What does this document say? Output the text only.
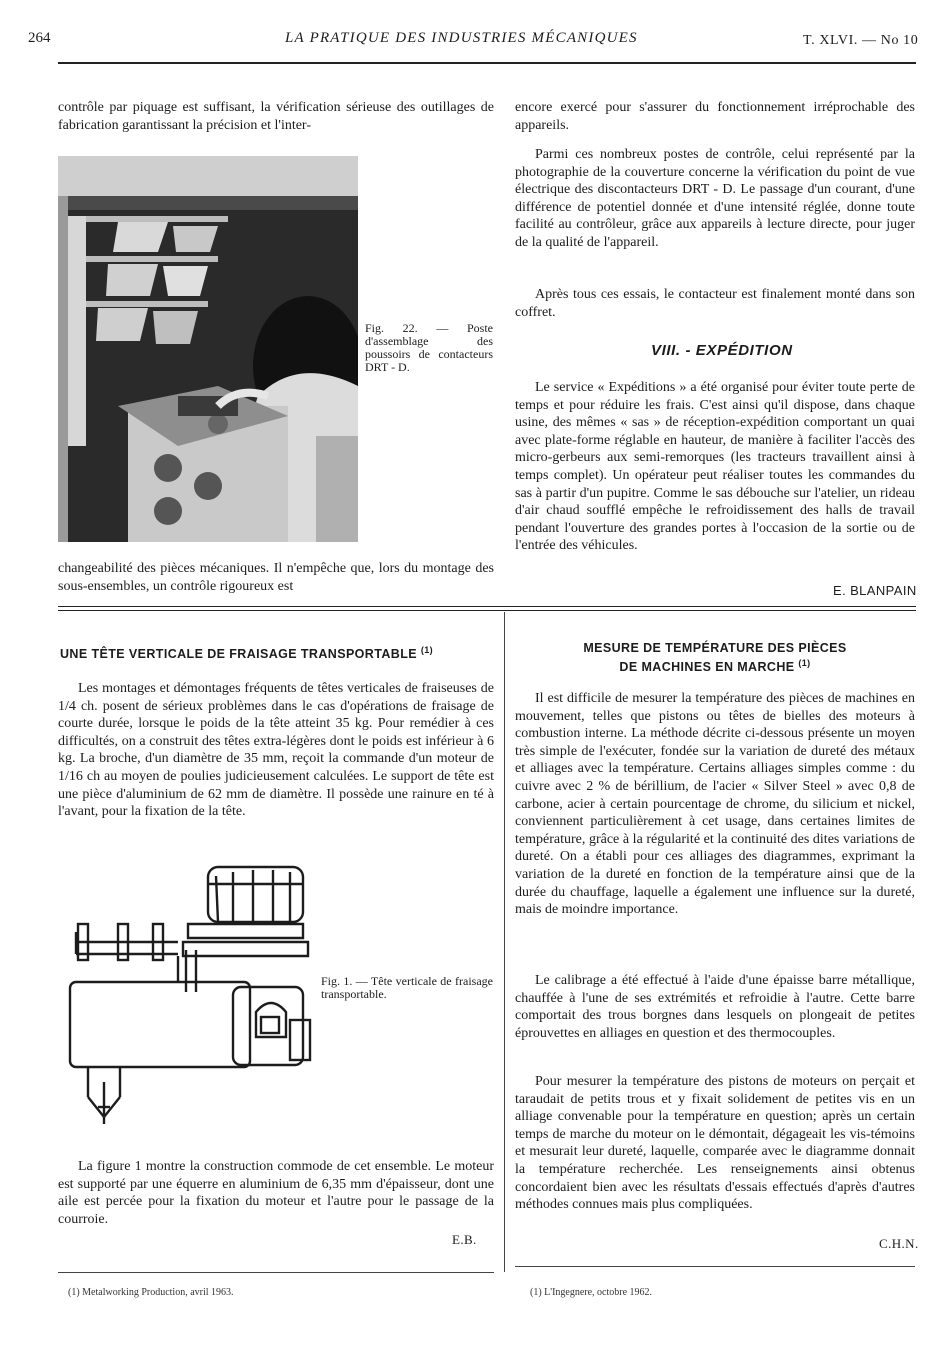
264	LA PRATIQUE DES INDUSTRIES MÉCANIQUES	T. XLVI. — No 10

contrôle par piquage est suffisant, la vérification sérieuse des outillages de fabrication garantissant la précision et l'inter-

Fig. 22. — Poste d'assemblage des poussoirs de contacteurs DRT - D.

changeabilité des pièces mécaniques. Il n'empêche que, lors du montage des sous-ensembles, un contrôle rigoureux est

encore exercé pour s'assurer du fonctionnement irréprochable des appareils.

Parmi ces nombreux postes de contrôle, celui représenté par la photographie de la couverture concerne la vérification du point de vue électrique des discontacteurs DRT - D. Le passage d'un courant, d'une différence de potentiel donnée et d'une intensité réglée, donne toute facilité au contrôleur, grâce aux appareils à lecture directe, pour juger de la qualité de l'appareil.

Après tous ces essais, le contacteur est finalement monté dans son coffret.

VIII. - EXPÉDITION

Le service « Expéditions » a été organisé pour éviter toute perte de temps et pour réduire les frais. C'est ainsi qu'il dispose, dans chaque usine, des mêmes « sas » de réception-expédition comportant un quai avec plate-forme réglable en hauteur, de manière à faciliter l'accès des micro-gerbeurs aux semi-remorques (les tracteurs travaillent ainsi à temps complet). Un opérateur peut réaliser toutes les commandes du sas à partir d'un pupitre. Comme le sas débouche sur l'atelier, un rideau d'air chaud soufflé empêche le refroidissement des halls de travail pendant l'ouverture des grandes portes à l'occasion de la sortie ou de l'entrée des véhicules.

E. BLANPAIN
UNE TÊTE VERTICALE DE FRAISAGE TRANSPORTABLE $^{(1)}$

Les montages et démontages fréquents de têtes verticales de fraiseuses de 1/4 ch. posent de sérieux problèmes dans le cas d'opérations de fraisage de courte durée, lorsque le poids de la tête atteint 35 kg. Pour remédier à ces difficultés, on a construit des têtes extra-légères dont le poids est inférieur à 6 kg. La broche, d'un diamètre de 35 mm, reçoit la commande d'un moteur de 1/16 ch au moyen de poulies judicieusement calculées. Le support de tête est une pièce d'aluminium de 62 mm de diamètre. Il possède une rainure en té à l'avant, pour la fixation de la tête.

Fig. 1. — Tête verticale de fraisage transportable.

La figure 1 montre la construction commode de cet ensemble. Le moteur est supporté par une équerre en aluminium de 6,35 mm d'épaisseur, dont une aile est percée pour la fixation du moteur et l'autre pour le passage de la courroie.

E.B.
(1) Metalworking Production, avril 1963.
MESURE DE TEMPÉRATURE DES PIÈCES
DE MACHINES EN MARCHE $^{(1)}$

Il est difficile de mesurer la température des pièces de machines en mouvement, telles que pistons ou têtes de bielles des moteurs à combustion interne. La méthode décrite ci-dessous présente un moyen très simple de l'exécuter, fondée sur la variation de dureté des métaux et alliages avec la température. Certains alliages simples comme : du cuivre avec 2 % de bérillium, de l'acier « Silver Steel » avec 0,8 de carbone, acier à certain pourcentage de chrome, du silicium et nickel, conviennent particulièrement à cet usage, dans certaines limites de température, grâce à la régularité et la continuité des dites variations de dureté. On a établi pour ces alliages des diagrammes, exprimant la variation de la dureté en fonction de la température ainsi que de la durée du chauffage, laquelle a également une influence sur la dureté, mais de moindre importance.

Le calibrage a été effectué à l'aide d'une épaisse barre métallique, chauffée à l'une de ses extrémités et refroidie à l'autre. Cette barre comportait des trous borgnes dans lesquels on plongeait de petites éprouvettes en alliages en question et des thermocouples.

Pour mesurer la température des pistons de moteurs on perçait et taraudait de petits trous et y fixait solidement de petites vis en un alliage convenable pour la température en question; après un certain temps de marche du moteur on le démontait, dégageait les vis-témoins et mesurait leur dureté, laquelle, comparée avec le diagramme donnait la température recherchée. Les renseignements ainsi obtenus concordaient bien avec les résultats d'essais effectués d'après d'autres méthodes connues mais plus compliquées.

C.H.N.
(1) L'Ingegnere, octobre 1962.
